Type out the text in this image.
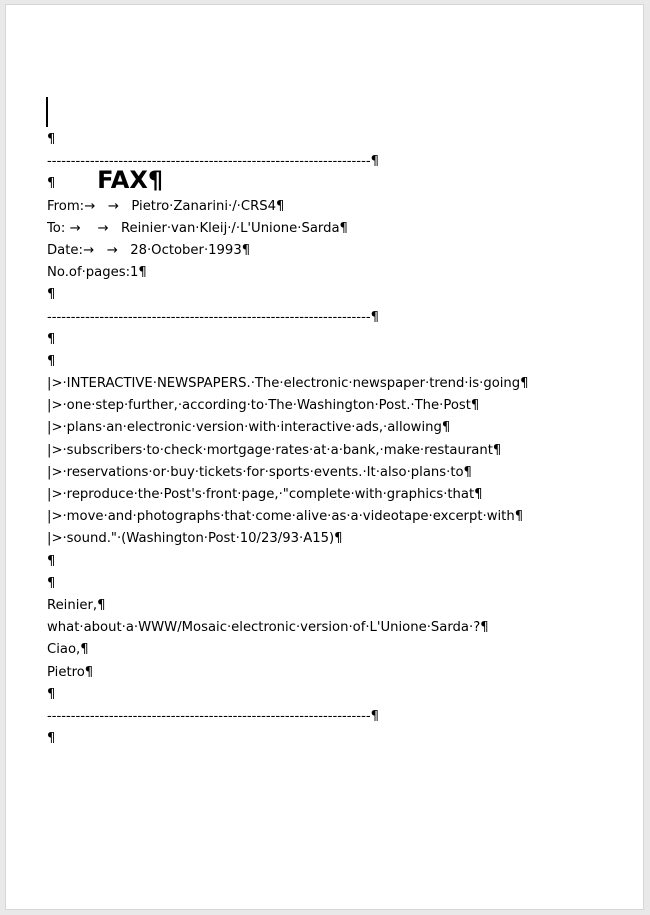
FAX¶

¶
--------------------------------------------------------------------¶
¶
From:→   →   Pietro·Zanarini·/·CRS4¶
To: →    →   Reinier·van·Kleij·/·L'Unione·Sarda¶
Date:→   →   28·October·1993¶
No.of·pages:1¶
¶
--------------------------------------------------------------------¶
¶
¶
|>·INTERACTIVE·NEWSPAPERS.·The·electronic·newspaper·trend·is·going¶
|>·one·step·further,·according·to·The·Washington·Post.·The·Post¶
|>·plans·an·electronic·version·with·interactive·ads,·allowing¶
|>·subscribers·to·check·mortgage·rates·at·a·bank,·make·restaurant¶
|>·reservations·or·buy·tickets·for·sports·events.·It·also·plans·to¶
|>·reproduce·the·Post's·front·page,·"complete·with·graphics·that¶
|>·move·and·photographs·that·come·alive·as·a·videotape·excerpt·with¶
|>·sound."·(Washington·Post·10/23/93·A15)¶
¶
¶
Reinier,¶
what·about·a·WWW/Mosaic·electronic·version·of·L'Unione·Sarda·?¶
Ciao,¶
Pietro¶
¶
--------------------------------------------------------------------¶
¶
